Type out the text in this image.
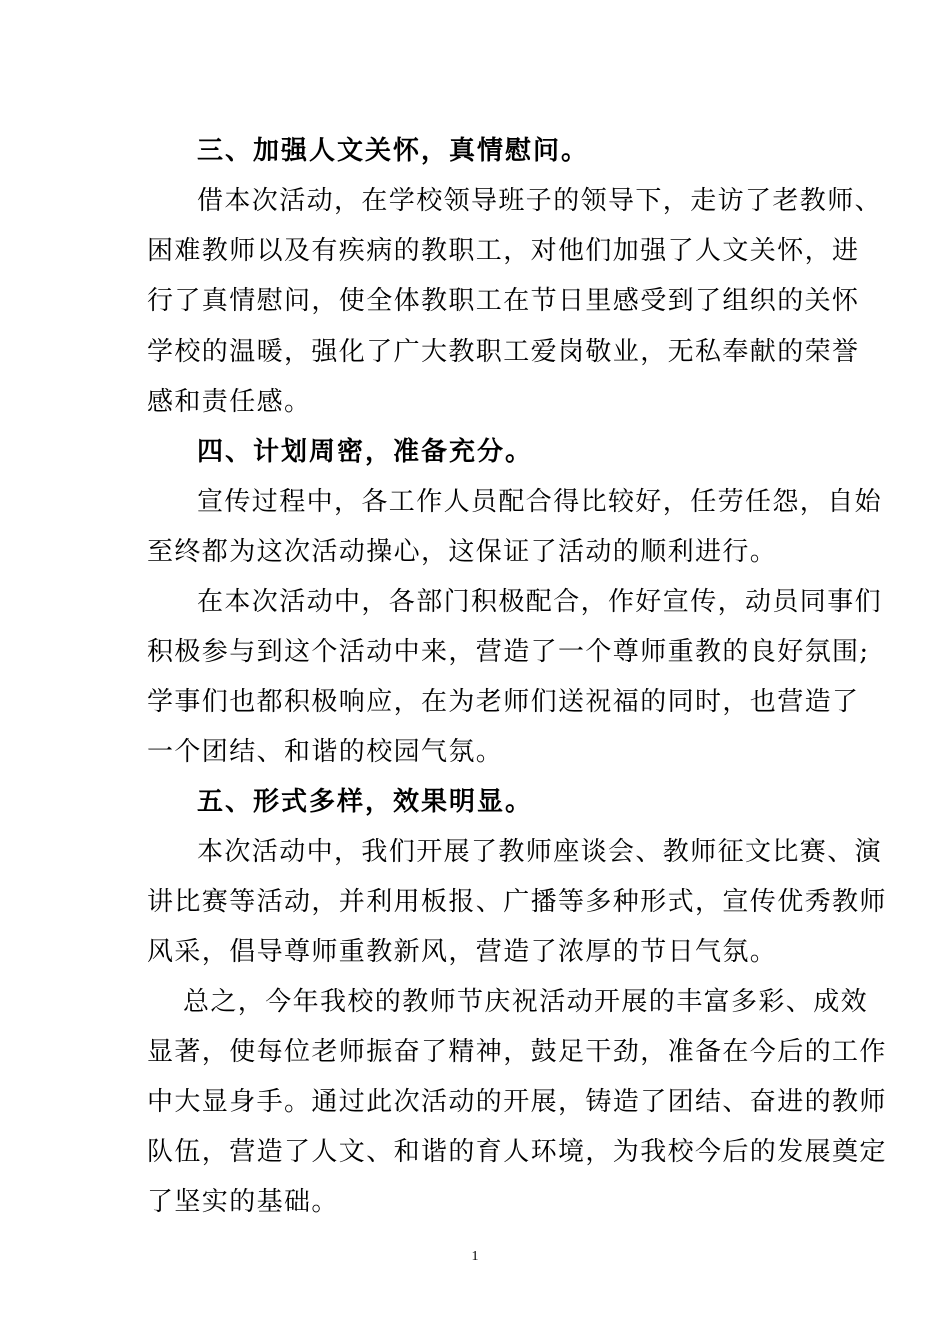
三、加强人文关怀，真情慰问。
借本次活动，在学校领导班子的领导下，走访了老教师、
困难教师以及有疾病的教职工，对他们加强了人文关怀，进
行了真情慰问，使全体教职工在节日里感受到了组织的关怀
学校的温暖，强化了广大教职工爱岗敬业，无私奉献的荣誉
感和责任感。
四、计划周密，准备充分。
宣传过程中，各工作人员配合得比较好，任劳任怨，自始
至终都为这次活动操心，这保证了活动的顺利进行。
在本次活动中，各部门积极配合，作好宣传，动员同事们
积极参与到这个活动中来，营造了一个尊师重教的良好氛围;
学事们也都积极响应，在为老师们送祝福的同时，也营造了
一个团结、和谐的校园气氛。
五、形式多样，效果明显。
本次活动中，我们开展了教师座谈会、教师征文比赛、演
讲比赛等活动，并利用板报、广播等多种形式，宣传优秀教师
风采，倡导尊师重教新风，营造了浓厚的节日气氛。
总之，今年我校的教师节庆祝活动开展的丰富多彩、成效
显著，使每位老师振奋了精神，鼓足干劲，准备在今后的工作
中大显身手。通过此次活动的开展，铸造了团结、奋进的教师
队伍，营造了人文、和谐的育人环境，为我校今后的发展奠定
了坚实的基础。
1
